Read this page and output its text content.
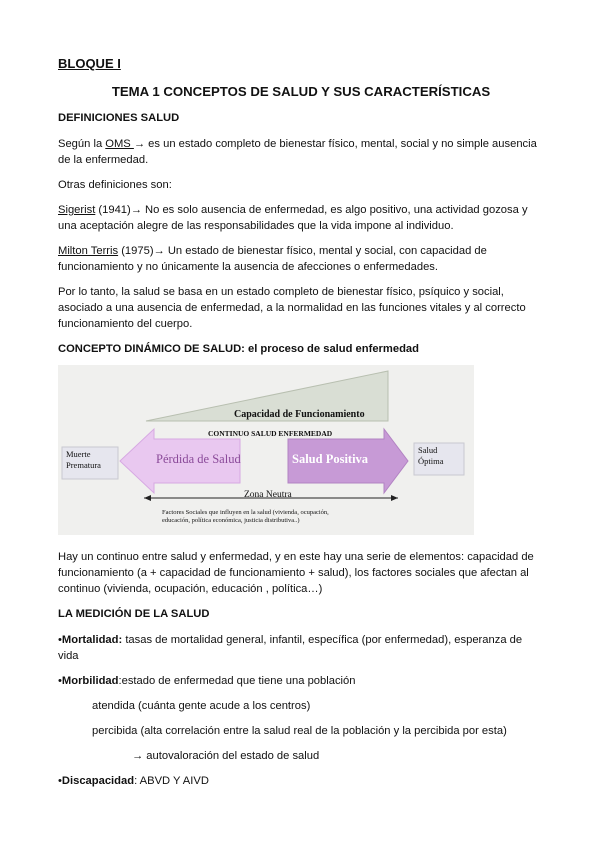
BLOQUE I
TEMA 1 CONCEPTOS DE SALUD Y SUS CARACTERÍSTICAS
DEFINICIONES SALUD

Según la OMS → es un estado completo de bienestar físico, mental, social y no simple ausencia de la enfermedad.

Otras definiciones son:

Sigerist (1941)→ No es solo ausencia de enfermedad, es algo positivo, una actividad gozosa y una aceptación alegre de las responsabilidades que la vida impone al individuo.

Milton Terris (1975)→ Un estado de bienestar físico, mental y social, con capacidad de funcionamiento y no únicamente la ausencia de afecciones o enfermedades.

Por lo tanto, la salud se basa en un estado completo de bienestar físico, psíquico y social, asociado a una ausencia de enfermedad, a la normalidad en las funciones vitales y al correcto funcionamiento del cuerpo.

CONCEPTO DINÁMICO DE SALUD: el proceso de salud enfermedad
Capacidad de Funcionamiento
CONTINUO SALUD ENFERMEDAD
Pérdida de Salud	Salud Positiva
Muerte
Prematura
Salud
Óptima
Zona Neutra
Factores Sociales que influyen en la salud (vivienda, ocupación,
educación, política económica, justicia distributiva..)

Hay un continuo entre salud y enfermedad, y en este hay una serie de elementos: capacidad de funcionamiento (a + capacidad de funcionamiento + salud), los factores sociales que afectan al continuo (vivienda, ocupación, educación , política…)

LA MEDICIÓN DE LA SALUD

•Mortalidad: tasas de mortalidad general, infantil, específica (por enfermedad), esperanza de vida

•Morbilidad:estado de enfermedad que tiene una población

atendida (cuánta gente acude a los centros)

percibida (alta correlación entre la salud real de la población y la percibida por esta)

→ autovaloración del estado de salud

•Discapacidad: ABVD Y AIVD
